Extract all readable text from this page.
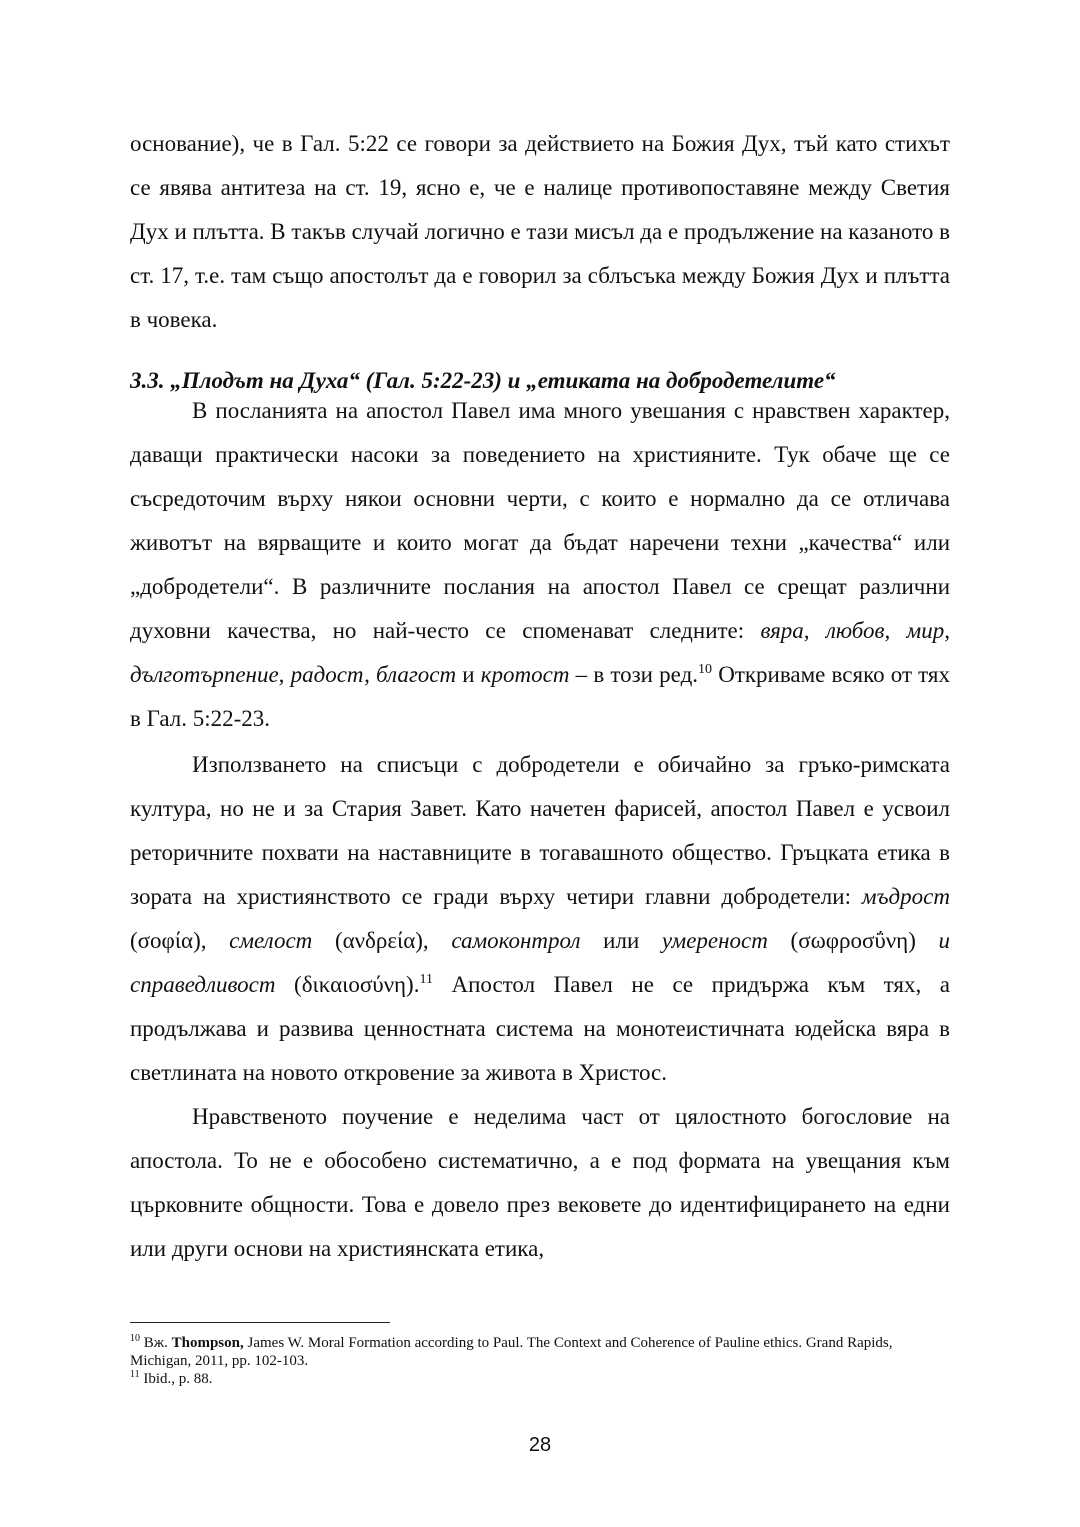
основание), че в Гал. 5:22 се говори за действието на Божия Дух, тъй като стихът се явява антитеза на ст. 19, ясно е, че е налице противопоставяне между Светия Дух и плътта. В такъв случай логично е тази мисъл да е продължение на казаното в ст. 17, т.е. там също апостолът да е говорил за сблъсъка между Божия Дух и плътта в човека.

3.3. „Плодът на Духа“ (Гал. 5:22-23) и „етиката на добродетелите“

В посланията на апостол Павел има много увешания с нравствен характер, даващи практически насоки за поведението на християните. Тук обаче ще се съсредоточим върху някои основни черти, с които е нормално да се отличава животът на вярващите и които могат да бъдат наречени техни „качества“ или „добродетели“. В различните послания на апостол Павел се срещат различни духовни качества, но най-често се споменават следните: вяра, любов, мир, дълготърпение, радост, благост и кротост – в този ред.$^{10}$ Откриваме всяко от тях в Гал. 5:22-23.

Използването на списъци с добродетели е обичайно за гръко-римската култура, но не и за Стария Завет. Като начетен фарисей, апостол Павел е усвоил реторичните похвати на наставниците в тогавашното общество. Гръцката етика в зората на християнството се гради върху четири главни добродетели: мъдрост (σοφία), смелост (ανδρεία), самоконтрол или умереност (σωφροσΰνη) и справедливост (δικαιοσύνη).$^{11}$ Апостол Павел не се придържа към тях, а продължава и развива ценностната система на монотеистичната юдейска вяра в светлината на новото откровение за живота в Христос.

Нравственото поучение е неделима част от цялостното богословие на апостола. То не е обособено систематично, а е под формата на увещания към църковните общности. Това е довело през вековете до идентифицирането на едни или други основи на християнската етика,

$^{10}$ Вж. Thompson, James W. Moral Formation according to Paul. The Context and Coherence of Pauline ethics. Grand Rapids, Michigan, 2011, pp. 102-103.

$^{11}$ Ibid., p. 88.

28
